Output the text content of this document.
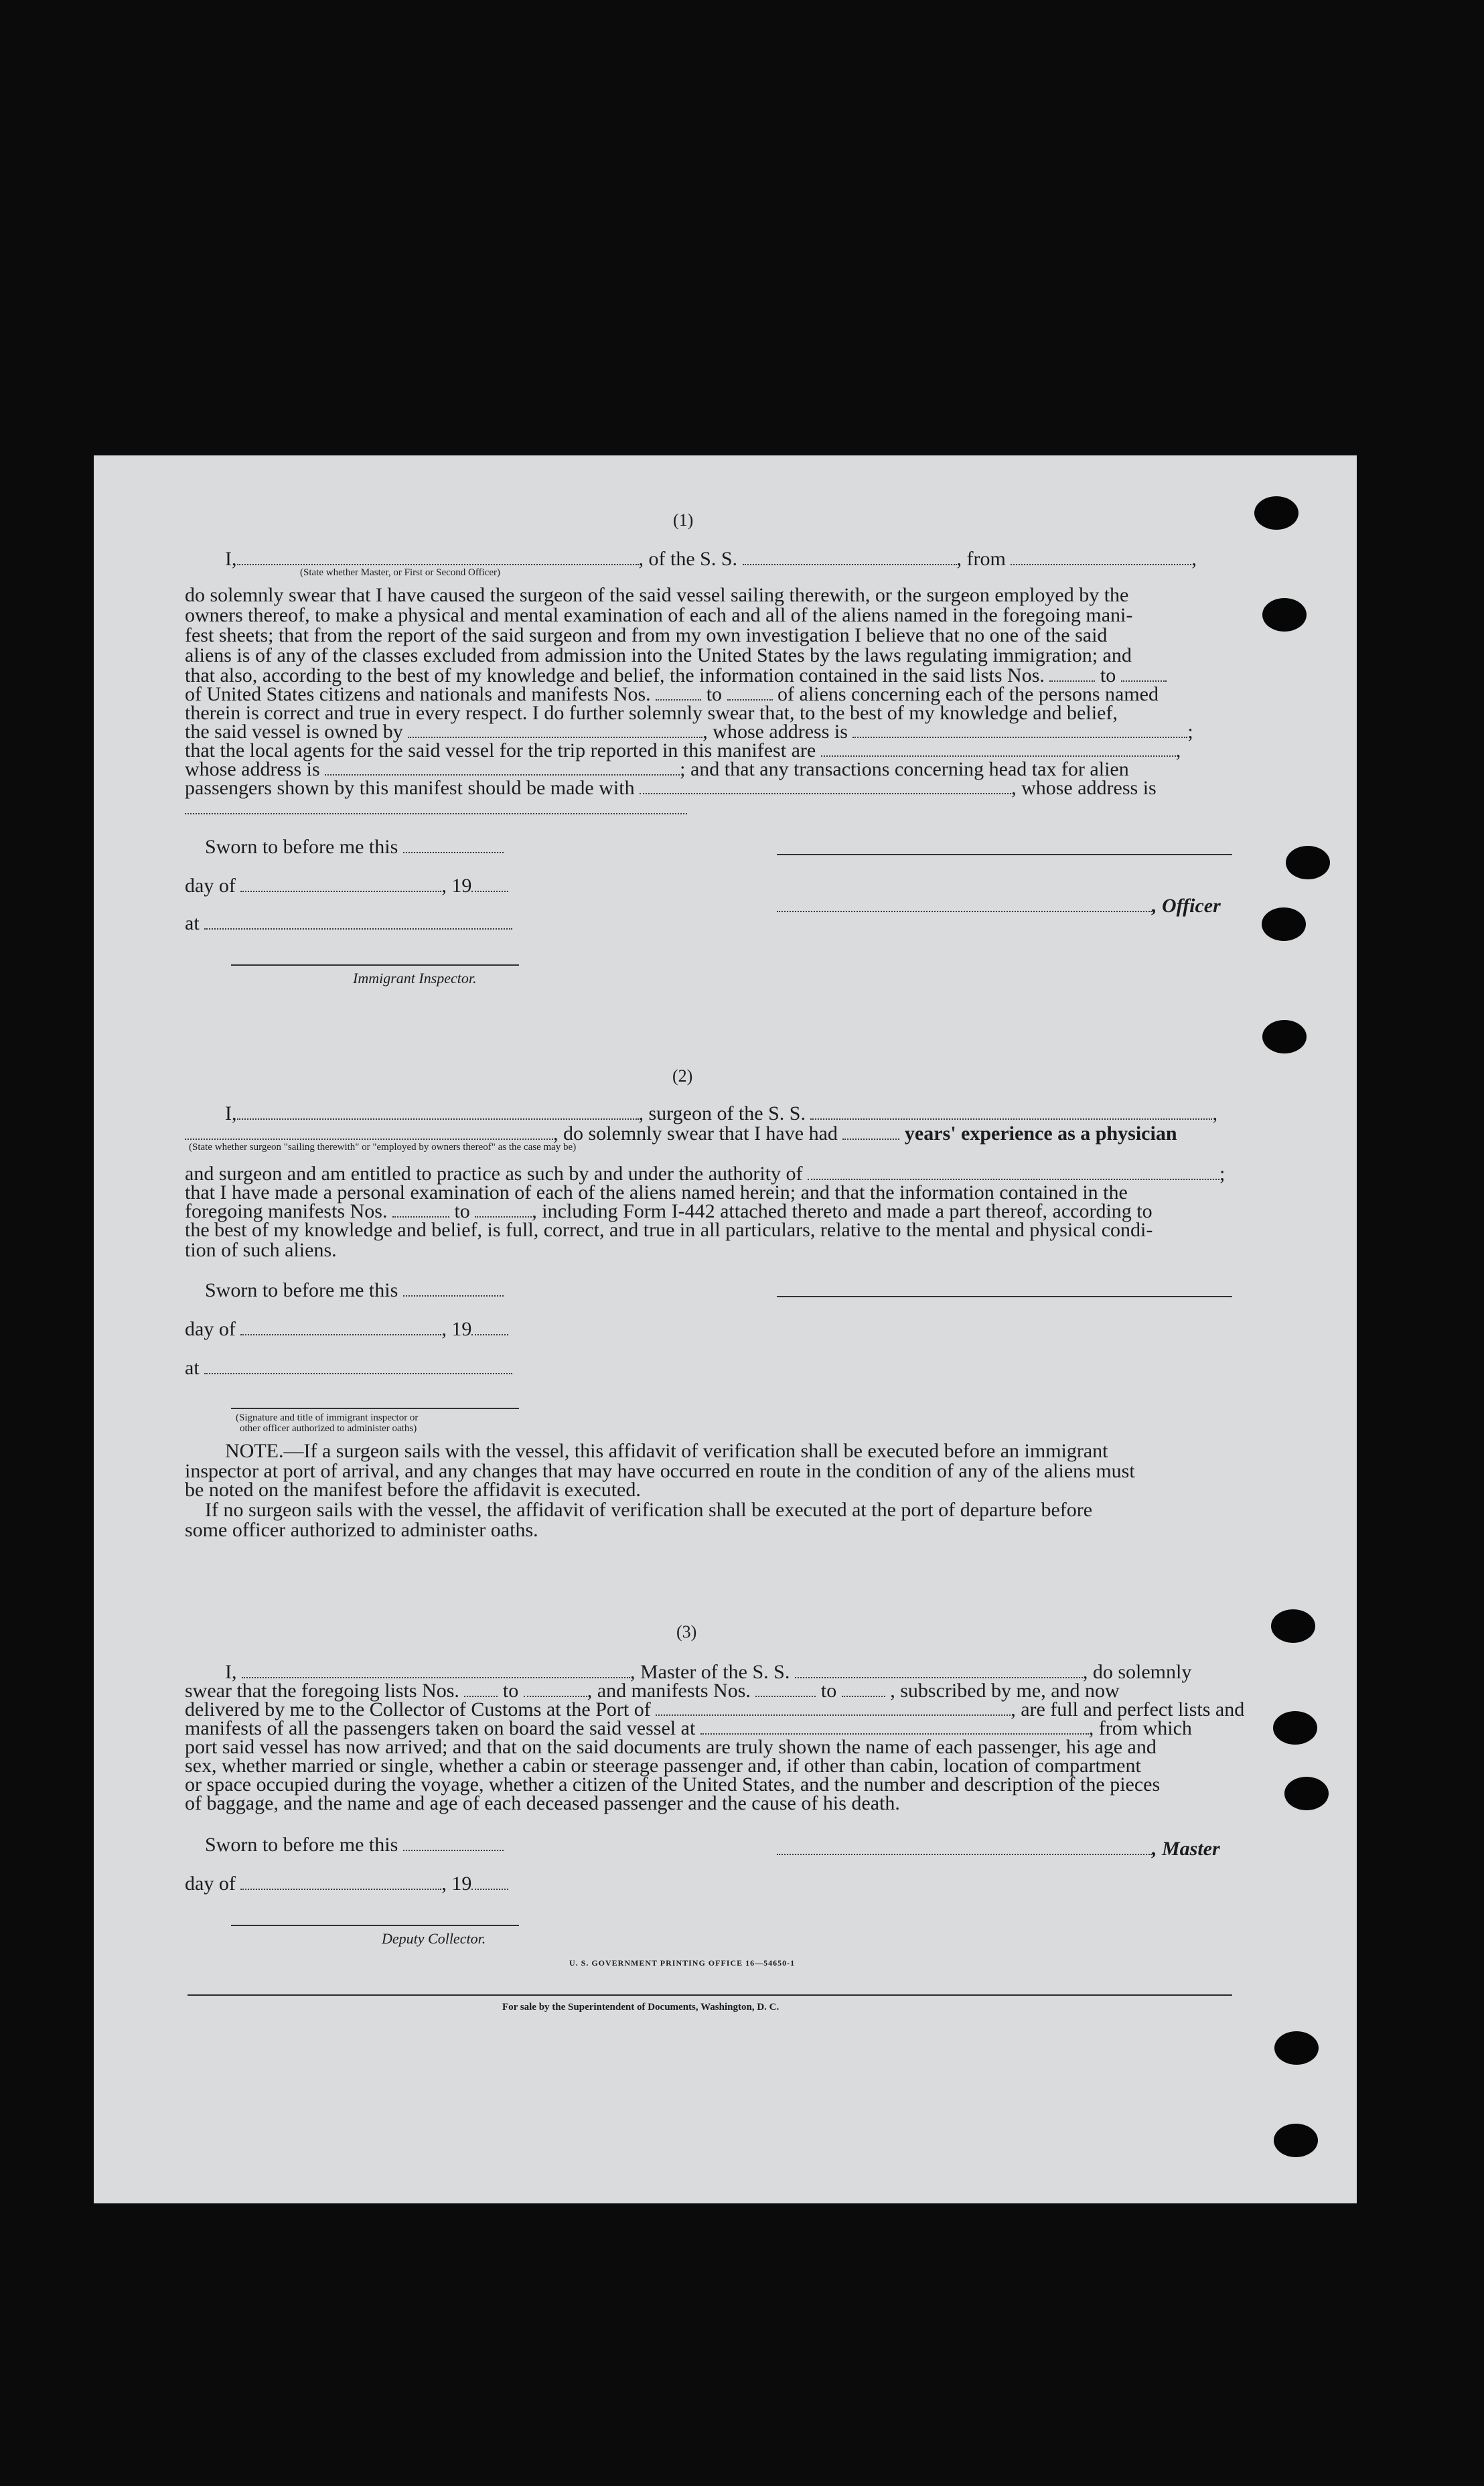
(1)
I,	, of the S. S.	, from	,
(State whether Master, or First or Second Officer)
do solemnly swear that I have caused the surgeon of the said vessel sailing therewith, or the surgeon employed by the
owners thereof, to make a physical and mental examination of each and all of the aliens named in the foregoing mani-
fest sheets; that from the report of the said surgeon and from my own investigation I believe that no one of the said
aliens is of any of the classes excluded from admission into the United States by the laws regulating immigration; and
that also, according to the best of my knowledge and belief, the information contained in the said lists Nos.	to
of United States citizens and nationals and manifests Nos.	to	of aliens concerning each of the persons named
therein is correct and true in every respect. I do further solemnly swear that, to the best of my knowledge and belief,
the said vessel is owned by	, whose address is	;
that the local agents for the said vessel for the trip reported in this manifest are	,
whose address is	; and that any transactions concerning head tax for alien
passengers shown by this manifest should be made with	, whose address is
Sworn to before me this
day of	, 19
, Officer
at
Immigrant Inspector.
(2)
I,	, surgeon of the S. S.	,
, do solemnly swear that I have had	years' experience as a physician
(State whether surgeon "sailing therewith" or "employed by owners thereof" as the case may be)
and surgeon and am entitled to practice as such by and under the authority of	;
that I have made a personal examination of each of the aliens named herein; and that the information contained in the
foregoing manifests Nos.	to	, including Form I-442 attached thereto and made a part thereof, according to
the best of my knowledge and belief, is full, correct, and true in all particulars, relative to the mental and physical condi-
tion of such aliens.
Sworn to before me this
day of	, 19
at
(Signature and title of immigrant inspector or
other officer authorized to administer oaths)
NOTE.—If a surgeon sails with the vessel, this affidavit of verification shall be executed before an immigrant
inspector at port of arrival, and any changes that may have occurred en route in the condition of any of the aliens must
be noted on the manifest before the affidavit is executed.
If no surgeon sails with the vessel, the affidavit of verification shall be executed at the port of departure before
some officer authorized to administer oaths.
(3)
I,	, Master of the S. S.	, do solemnly
swear that the foregoing lists Nos. to	, and manifests Nos.	to	, subscribed by me, and now
delivered by me to the Collector of Customs at the Port of	, are full and perfect lists and
manifests of all the passengers taken on board the said vessel at	, from which
port said vessel has now arrived; and that on the said documents are truly shown the name of each passenger, his age and
sex, whether married or single, whether a cabin or steerage passenger and, if other than cabin, location of compartment
or space occupied during the voyage, whether a citizen of the United States, and the number and description of the pieces
of baggage, and the name and age of each deceased passenger and the cause of his death.
Sworn to before me this	, Master
day of	, 19
Deputy Collector.
U. S. GOVERNMENT PRINTING OFFICE 16—54650-1
For sale by the Superintendent of Documents, Washington, D. C.
